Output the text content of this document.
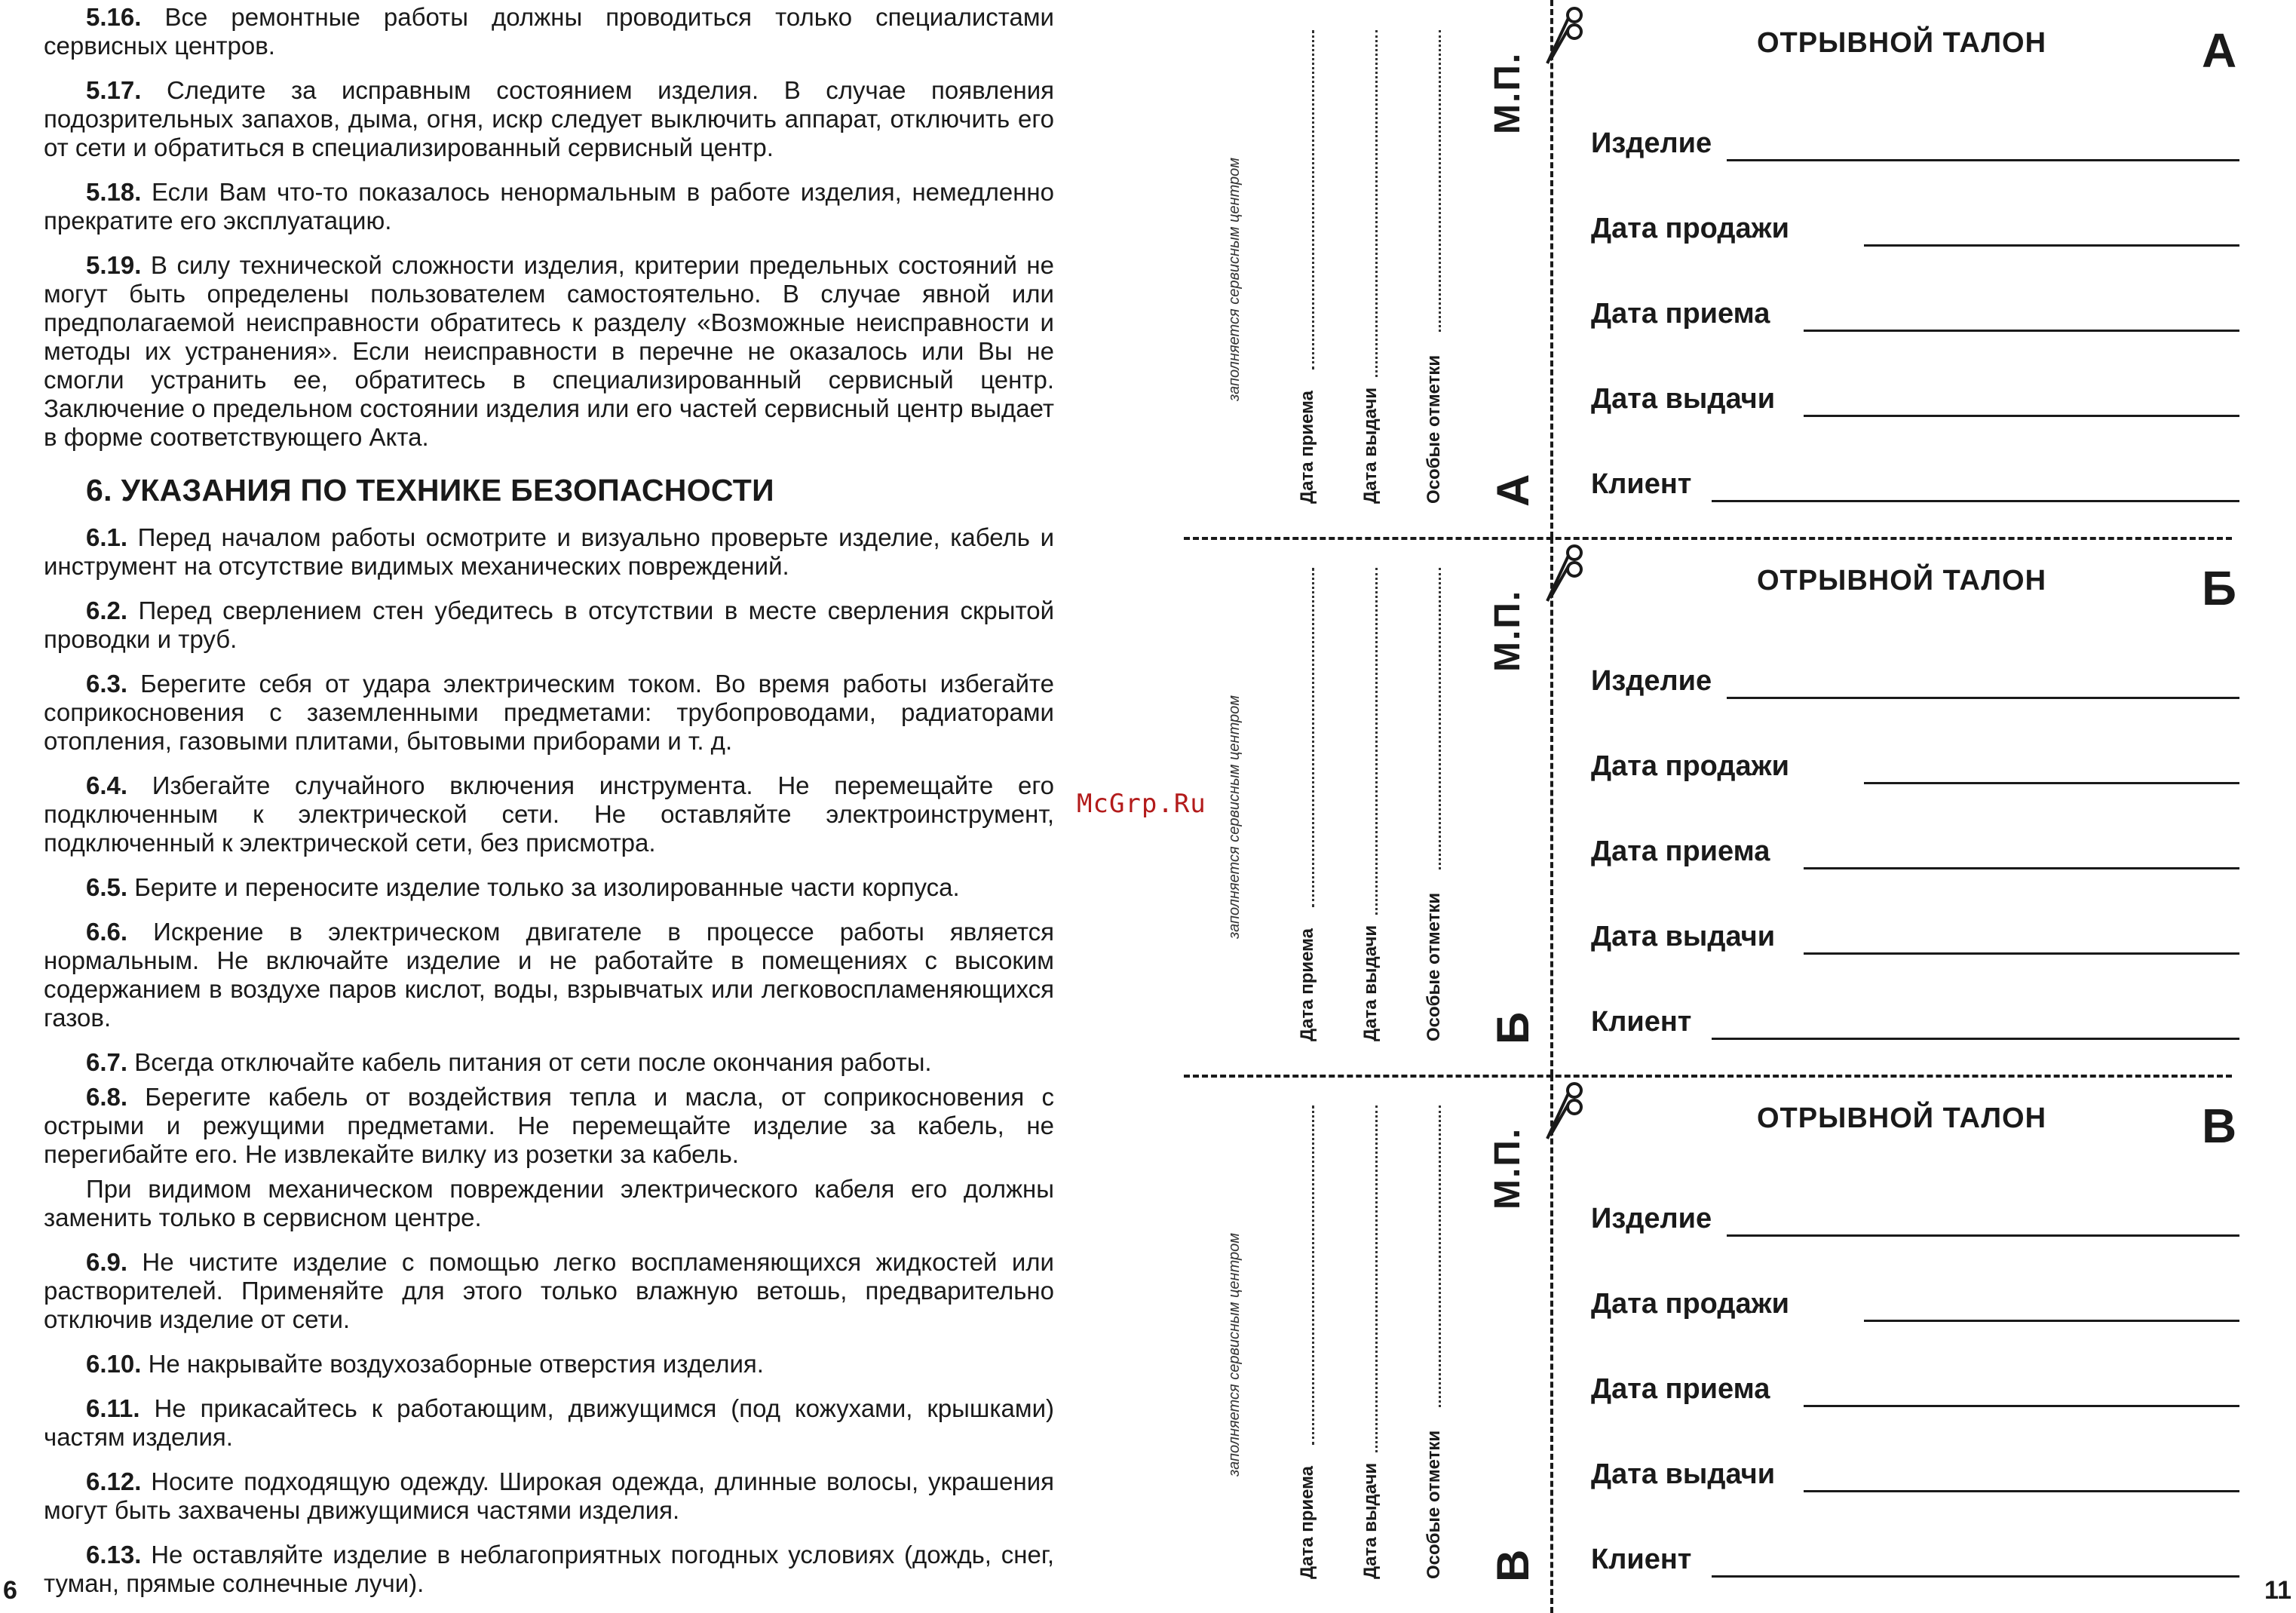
5.16. Все ремонтные работы должны проводиться только специалистами сервисных центров.

5.17. Следите за исправным состоянием изделия. В случае появления подозрительных запахов, дыма, огня, искр следует выключить аппарат, отключить его от сети и обратиться в специализированный сервисный центр.

5.18. Если Вам что-то показалось ненормальным в работе изделия, немедленно прекратите его эксплуатацию.

5.19. В силу технической сложности изделия, критерии предельных состояний не могут быть определены пользователем самостоятельно. В случае явной или предполагаемой неисправности обратитесь к разделу «Возможные неисправности и методы их устранения». Если неисправности в перечне не оказалось или Вы не смогли устранить ее, обратитесь в специализированный сервисный центр. Заключение о предельном состоянии изделия или его частей сервисный центр выдает в форме соответствующего Акта.

6. УКАЗАНИЯ ПО ТЕХНИКЕ БЕЗОПАСНОСТИ

6.1. Перед началом работы осмотрите и визуально проверьте изделие, кабель и инструмент на отсутствие видимых механических повреждений.

6.2. Перед сверлением стен убедитесь в отсутствии в месте сверления скрытой проводки и труб.

6.3. Берегите себя от удара электрическим током. Во время работы избегайте соприкосновения с заземленными предметами: трубопроводами, радиаторами отопления, газовыми плитами, бытовыми приборами и т. д.

6.4. Избегайте случайного включения инструмента. Не перемещайте его подключенным к электрической сети. Не оставляйте электроинструмент, подключенный к электрической сети, без присмотра.

6.5. Берите и переносите изделие только за изолированные части корпуса.

6.6. Искрение в электрическом двигателе в процессе работы является нормальным. Не включайте изделие и не работайте в помещениях с высоким содержанием в воздухе паров кислот, воды, взрывчатых или легковоспламеняющихся газов.

6.7. Всегда отключайте кабель питания от сети после окончания работы.

6.8. Берегите кабель от воздействия тепла и масла, от соприкосновения с острыми и режущими предметами. Не перемещайте изделие за кабель, не перегибайте его. Не извлекайте вилку из розетки за кабель.

При видимом механическом повреждении электрического кабеля его должны заменить только в сервисном центре.

6.9. Не чистите изделие с помощью легко воспламеняющихся жидкостей или растворителей. Применяйте для этого только влажную ветошь, предварительно отключив изделие от сети.

6.10. Не накрывайте воздухозаборные отверстия изделия.

6.11. Не прикасайтесь к работающим, движущимся (под кожухами, крышками) частям изделия.

6.12. Носите подходящую одежду. Широкая одежда, длинные волосы, украшения могут быть захвачены движущимися частями изделия.

6.13. Не оставляйте изделие в неблагоприятных погодных условиях (дождь, снег, туман, прямые солнечные лучи).

6	11
McGrp.Ru
заполняется сервисным центром
Дата приема Дата выдачи Особые отметки
М.П.
А
ОТРЫВНОЙ ТАЛОН	А
Изделие
Дата продажи
Дата приема
Дата выдачи
Клиент
заполняется сервисным центром
Дата приема Дата выдачи Особые отметки
М.П.
Б
ОТРЫВНОЙ ТАЛОН	Б
Изделие
Дата продажи
Дата приема
Дата выдачи
Клиент
заполняется сервисным центром
Дата приема Дата выдачи Особые отметки
М.П.
В
ОТРЫВНОЙ ТАЛОН	В
Изделие
Дата продажи
Дата приема
Дата выдачи
Клиент
